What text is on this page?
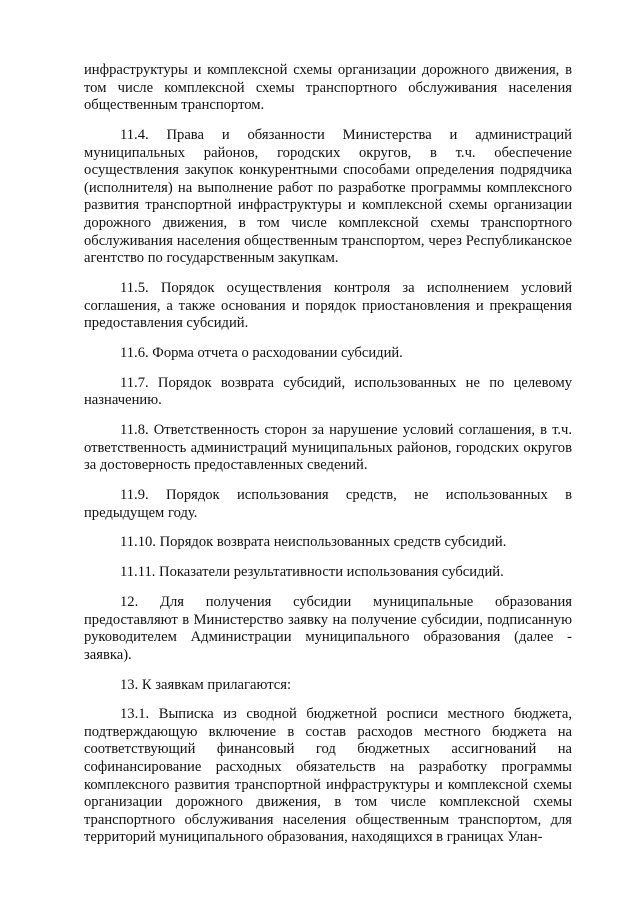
инфраструктуры и комплексной схемы организации дорожного движения, в том числе комплексной схемы транспортного обслуживания населения общественным транспортом.

11.4. Права и обязанности Министерства и администраций муниципальных районов, городских округов, в т.ч. обеспечение осуществления закупок конкурентными способами определения подрядчика (исполнителя) на выполнение работ по разработке программы комплексного развития транспортной инфраструктуры и комплексной схемы организации дорожного движения, в том числе комплексной схемы транспортного обслуживания населения общественным транспортом, через Республиканское агентство по государственным закупкам.

11.5. Порядок осуществления контроля за исполнением условий соглашения, а также основания и порядок приостановления и прекращения предоставления субсидий.

11.6. Форма отчета о расходовании субсидий.

11.7. Порядок возврата субсидий, использованных не по целевому назначению.

11.8. Ответственность сторон за нарушение условий соглашения, в т.ч. ответственность администраций муниципальных районов, городских округов за достоверность предоставленных сведений.

11.9. Порядок использования средств, не использованных в предыдущем году.

11.10. Порядок возврата неиспользованных средств субсидий.

11.11. Показатели результативности использования субсидий.

12. Для получения субсидии муниципальные образования предоставляют в Министерство заявку на получение субсидии, подписанную руководителем Администрации муниципального образования (далее - заявка).

13. К заявкам прилагаются:

13.1. Выписка из сводной бюджетной росписи местного бюджета, подтверждающую включение в состав расходов местного бюджета на соответствующий финансовый год бюджетных ассигнований на софинансирование расходных обязательств на разработку программы комплексного развития транспортной инфраструктуры и комплексной схемы организации дорожного движения, в том числе комплексной схемы транспортного обслуживания населения общественным транспортом, для территорий муниципального образования, находящихся в границах Улан-
